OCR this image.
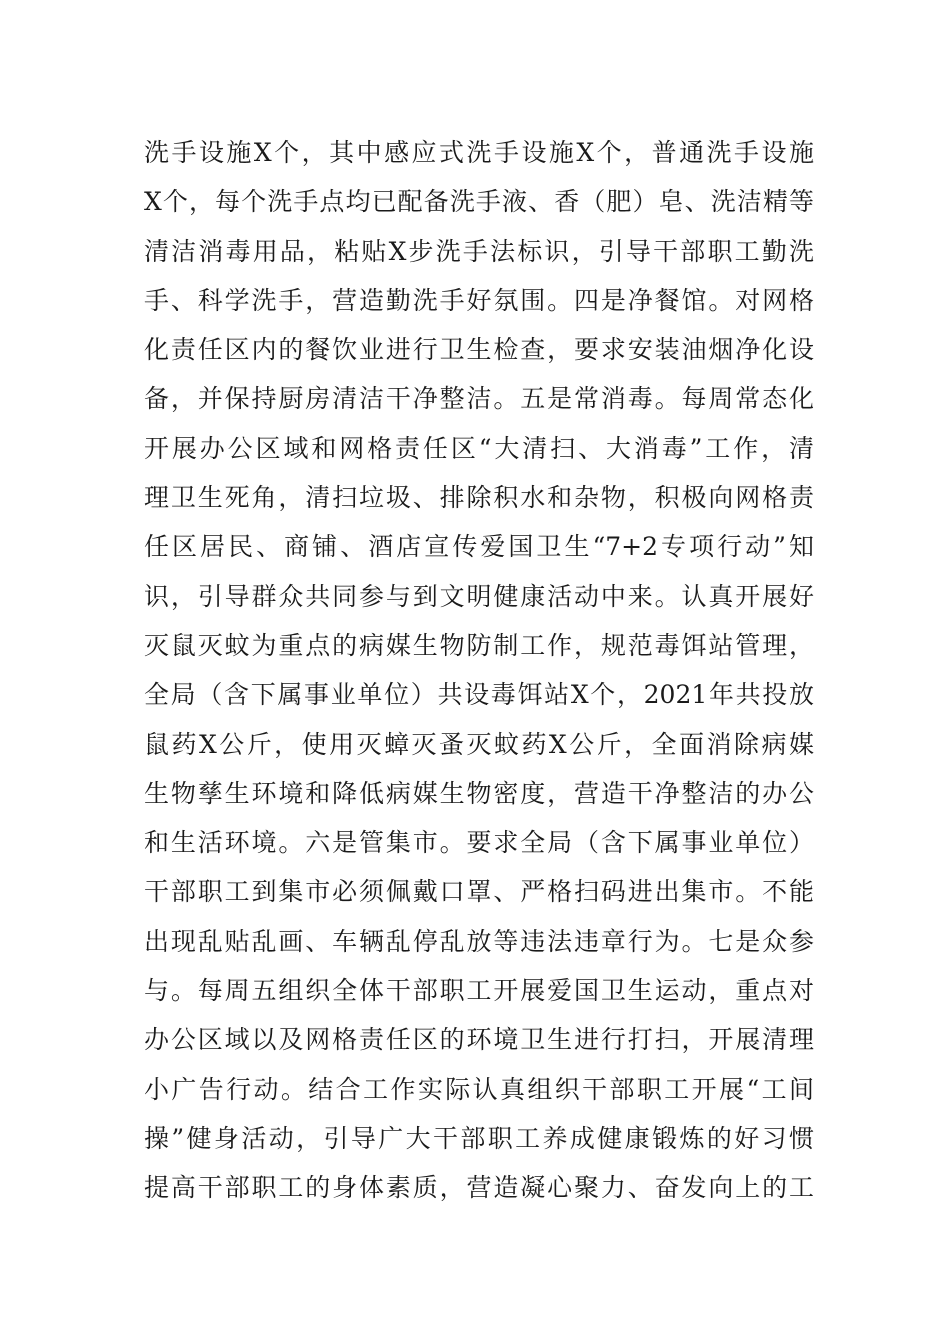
洗手设施X个，其中感应式洗手设施X个，普通洗手设施
X个，每个洗手点均已配备洗手液、香（肥）皂、洗洁精等
清洁消毒用品，粘贴X步洗手法标识，引导干部职工勤洗
手、科学洗手，营造勤洗手好氛围。四是净餐馆。对网格
化责任区内的餐饮业进行卫生检查，要求安装油烟净化设
备，并保持厨房清洁干净整洁。五是常消毒。每周常态化
开展办公区域和网格责任区“大清扫、大消毒”工作，清
理卫生死角，清扫垃圾、排除积水和杂物，积极向网格责
任区居民、商铺、酒店宣传爱国卫生“7+2专项行动”知
识，引导群众共同参与到文明健康活动中来。认真开展好
灭鼠灭蚊为重点的病媒生物防制工作，规范毒饵站管理，
全局（含下属事业单位）共设毒饵站X个，2021年共投放
鼠药X公斤，使用灭蟑灭蚤灭蚊药X公斤，全面消除病媒
生物孳生环境和降低病媒生物密度，营造干净整洁的办公
和生活环境。六是管集市。要求全局（含下属事业单位）
干部职工到集市必须佩戴口罩、严格扫码进出集市。不能
出现乱贴乱画、车辆乱停乱放等违法违章行为。七是众参
与。每周五组织全体干部职工开展爱国卫生运动，重点对
办公区域以及网格责任区的环境卫生进行打扫，开展清理
小广告行动。结合工作实际认真组织干部职工开展“工间
操”健身活动，引导广大干部职工养成健康锻炼的好习惯
提高干部职工的身体素质，营造凝心聚力、奋发向上的工
